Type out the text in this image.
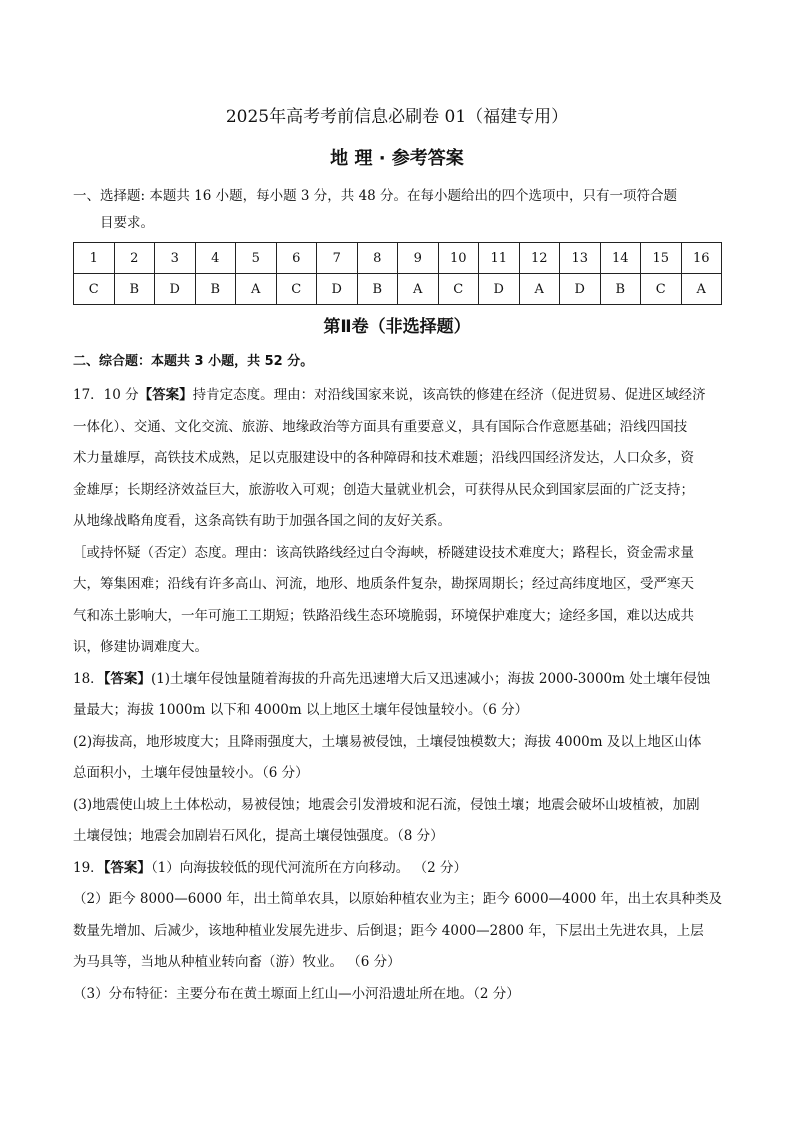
2025年高考考前信息必刷卷 01（福建专用）
地 理 · 参考答案
一、选择题: 本题共 16 小题，每小题 3 分，共 48 分。在每小题给出的四个选项中，只有一项符合题
目要求。
1	2	3	4	5	6	7	8	9	10	11	12	13	14	15	16
C	B	D	B	A	C	D	B	A	C	D	A	D	B	C	A
第Ⅱ卷（非选择题）
二、综合题：本题共 3 小题，共 52 分。
17．10 分【答案】持肯定态度。理由：对沿线国家来说，该高铁的修建在经济（促进贸易、促进区域经济
一体化）、交通、文化交流、旅游、地缘政治等方面具有重要意义，具有国际合作意愿基础；沿线四国技
术力量雄厚，高铁技术成熟，足以克服建设中的各种障碍和技术难题；沿线四国经济发达，人口众多，资
金雄厚；长期经济效益巨大，旅游收入可观；创造大量就业机会，可获得从民众到国家层面的广泛支持；
从地缘战略角度看，这条高铁有助于加强各国之间的友好关系。
［或持怀疑（否定）态度。理由：该高铁路线经过白令海峡，桥隧建设技术难度大；路程长，资金需求量
大，筹集困难；沿线有许多高山、河流，地形、地质条件复杂，勘探周期长；经过高纬度地区，受严寒天
气和冻土影响大，一年可施工工期短；铁路沿线生态环境脆弱，环境保护难度大；途经多国，难以达成共
识，修建协调难度大。
18．【答案】(1)土壤年侵蚀量随着海拔的升高先迅速增大后又迅速减小；海拔 2000-3000m 处土壤年侵蚀
量最大；海拔 1000m 以下和 4000m 以上地区土壤年侵蚀量较小。（6 分）
(2)海拔高，地形坡度大；且降雨强度大，土壤易被侵蚀，土壤侵蚀模数大；海拔 4000m 及以上地区山体
总面积小，土壤年侵蚀量较小。（6 分）
(3)地震使山坡上土体松动，易被侵蚀；地震会引发滑坡和泥石流，侵蚀土壤；地震会破坏山坡植被，加剧
土壤侵蚀；地震会加剧岩石风化，提高土壤侵蚀强度。（8 分）
19．【答案】（1）向海拔较低的现代河流所在方向移动。 （2 分）
（2）距今 8000—6000 年，出土简单农具，以原始种植农业为主；距今 6000—4000 年，出土农具种类及
数量先增加、后减少，该地种植业发展先进步、后倒退；距今 4000—2800 年，下层出土先进农具，上层
为马具等，当地从种植业转向畜（游）牧业。 （6 分）
（3）分布特征：主要分布在黄土塬面上红山—小河沿遗址所在地。（2 分）
